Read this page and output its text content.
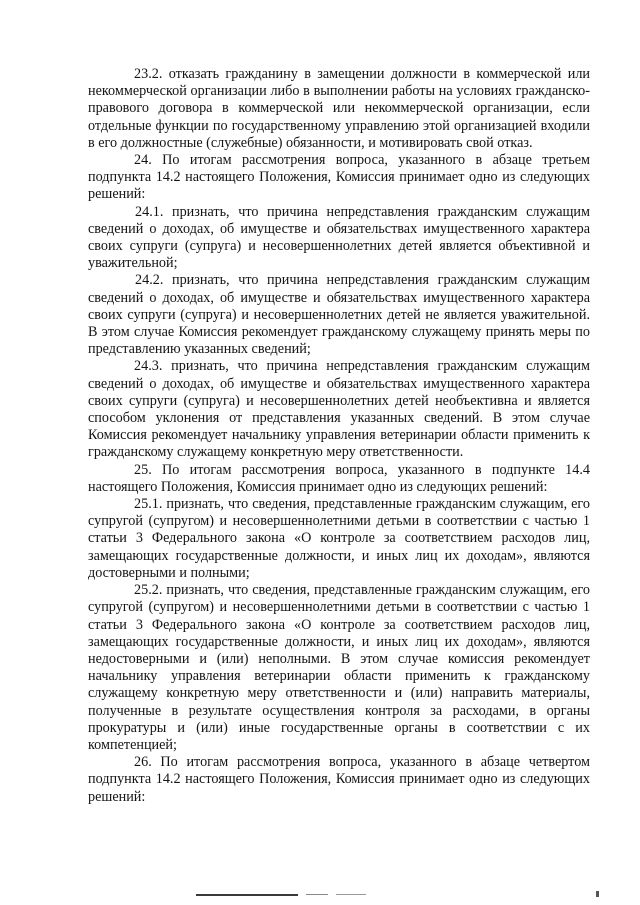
23.2. отказать гражданину в замещении должности в коммерческой или некоммерческой организации либо в выполнении работы на условиях гражданско-правового договора в коммерческой или некоммерческой организации, если отдельные функции по государственному управлению этой организацией входили в его должностные (служебные) обязанности, и мотивировать свой отказ.

24. По итогам рассмотрения вопроса, указанного в абзаце третьем подпункта 14.2 настоящего Положения, Комиссия принимает одно из следующих решений:

24.1. признать, что причина непредставления гражданским служащим сведений о доходах, об имуществе и обязательствах имущественного характера своих супруги (супруга) и несовершеннолетних детей является объективной и уважительной;

24.2. признать, что причина непредставления гражданским служащим сведений о доходах, об имуществе и обязательствах имущественного характера своих супруги (супруга) и несовершеннолетних детей не является уважительной. В этом случае Комиссия рекомендует гражданскому служащему принять меры по представлению указанных сведений;

24.3. признать, что причина непредставления гражданским служащим сведений о доходах, об имуществе и обязательствах имущественного характера своих супруги (супруга) и несовершеннолетних детей необъективна и является способом уклонения от представления указанных сведений. В этом случае Комиссия рекомендует начальнику управления ветеринарии области применить к гражданскому служащему конкретную меру ответственности.

25. По итогам рассмотрения вопроса, указанного в подпункте 14.4 настоящего Положения, Комиссия принимает одно из следующих решений:

25.1. признать, что сведения, представленные гражданским служащим, его супругой (супругом) и несовершеннолетними детьми в соответствии с частью 1 статьи 3 Федерального закона «О контроле за соответствием расходов лиц, замещающих государственные должности, и иных лиц их доходам», являются достоверными и полными;

25.2. признать, что сведения, представленные гражданским служащим, его супругой (супругом) и несовершеннолетними детьми в соответствии с частью 1 статьи 3 Федерального закона «О контроле за соответствием расходов лиц, замещающих государственные должности, и иных лиц их доходам», являются недостоверными и (или) неполными. В этом случае комиссия рекомендует начальнику управления ветеринарии области применить к гражданскому служащему конкретную меру ответственности и (или) направить материалы, полученные в результате осуществления контроля за расходами, в органы прокуратуры и (или) иные государственные органы в соответствии с их компетенцией;

26. По итогам рассмотрения вопроса, указанного в абзаце четвертом подпункта 14.2 настоящего Положения, Комиссия принимает одно из следующих решений:
